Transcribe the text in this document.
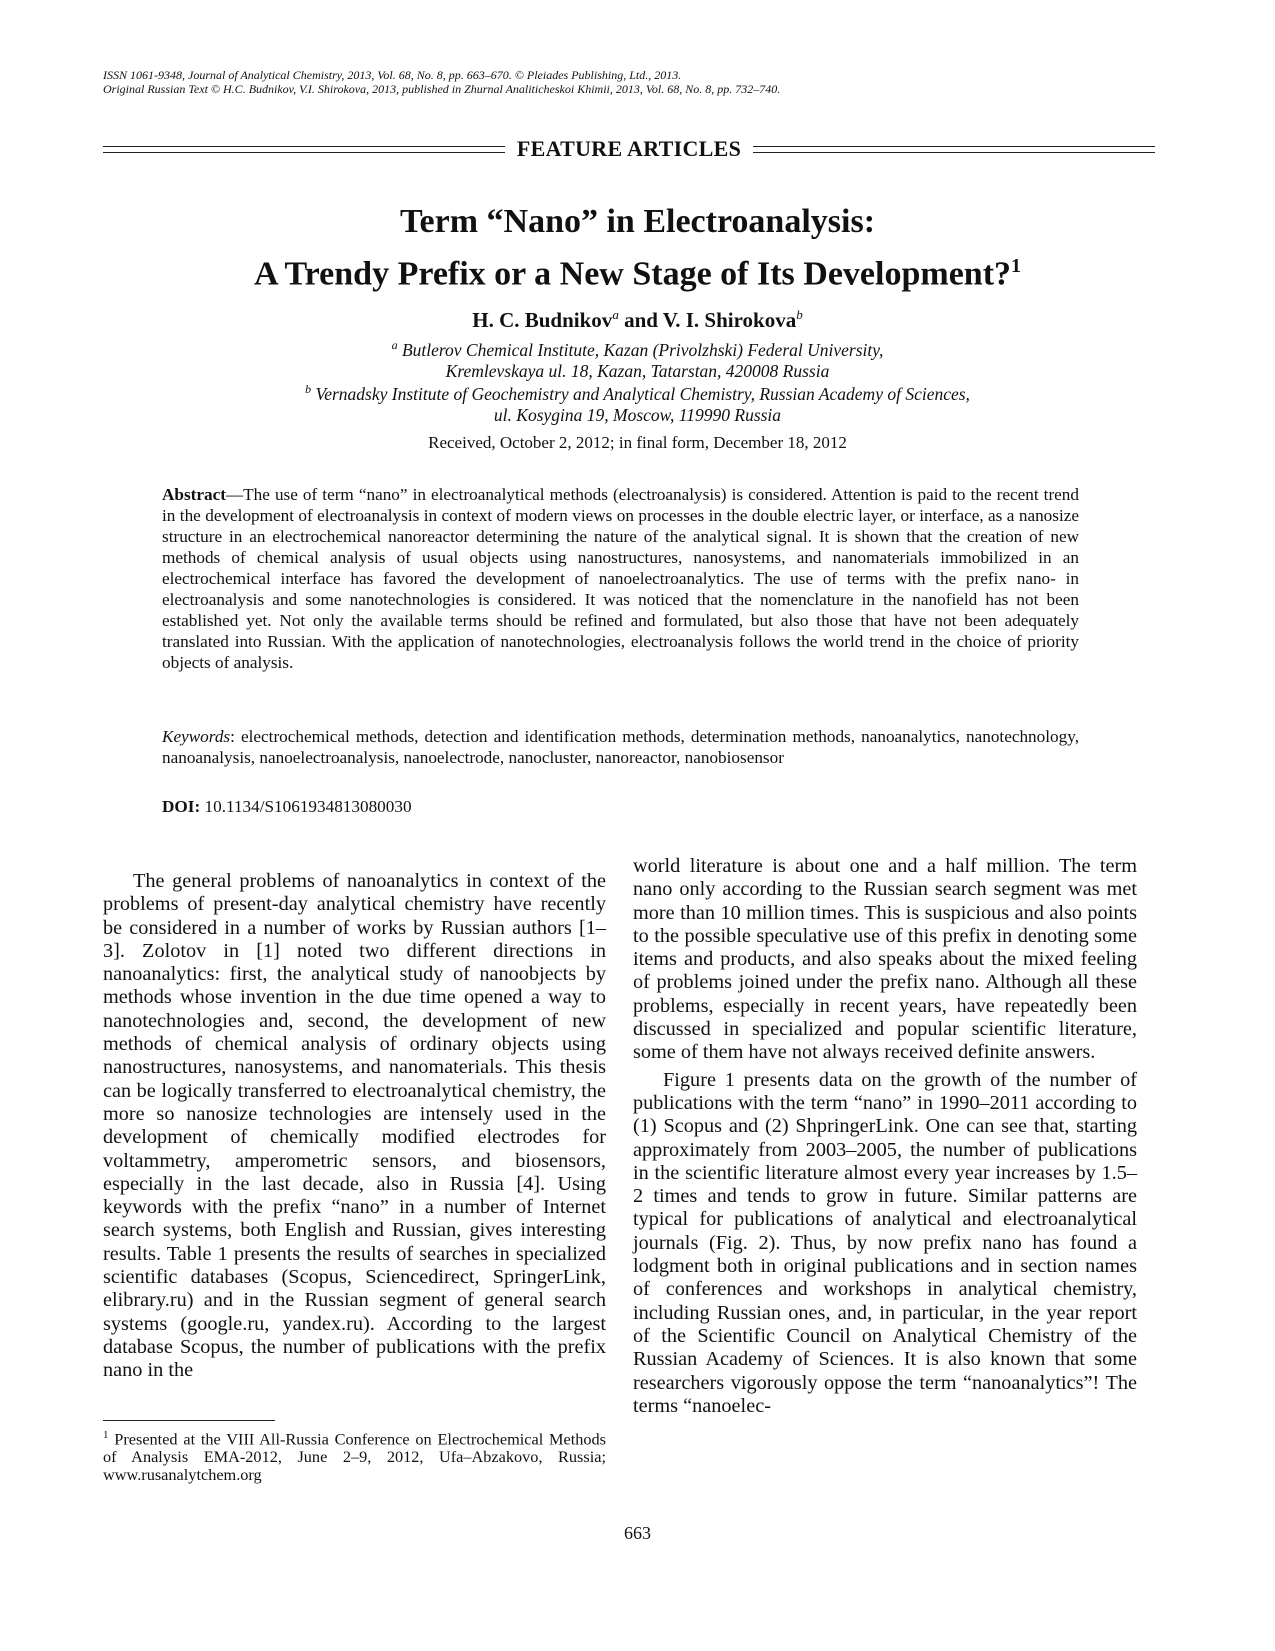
ISSN 1061-9348, Journal of Analytical Chemistry, 2013, Vol. 68, No. 8, pp. 663–670. © Pleiades Publishing, Ltd., 2013.
Original Russian Text © H.C. Budnikov, V.I. Shirokova, 2013, published in Zhurnal Analiticheskoi Khimii, 2013, Vol. 68, No. 8, pp. 732–740.
FEATURE ARTICLES
Term “Nano” in Electroanalysis:
A Trendy Prefix or a New Stage of Its Development?$^1$
H. C. Budnikov$^a$ and V. I. Shirokova$^b$
$^a$ Butlerov Chemical Institute, Kazan (Privolzhski) Federal University,
Kremlevskaya ul. 18, Kazan, Tatarstan, 420008 Russia
$^b$ Vernadsky Institute of Geochemistry and Analytical Chemistry, Russian Academy of Sciences,
ul. Kosygina 19, Moscow, 119990 Russia
Received, October 2, 2012; in final form, December 18, 2012
Abstract—The use of term “nano” in electroanalytical methods (electroanalysis) is considered. Attention is paid to the recent trend in the development of electroanalysis in context of modern views on processes in the double electric layer, or interface, as a nanosize structure in an electrochemical nanoreactor determining the nature of the analytical signal. It is shown that the creation of new methods of chemical analysis of usual objects using nanostructures, nanosystems, and nanomaterials immobilized in an electrochemical interface has favored the development of nanoelectroanalytics. The use of terms with the prefix nano- in electroanalysis and some nanotechnologies is considered. It was noticed that the nomenclature in the nanofield has not been established yet. Not only the available terms should be refined and formulated, but also those that have not been adequately translated into Russian. With the application of nanotechnologies, electroanalysis follows the world trend in the choice of priority objects of analysis.
Keywords: electrochemical methods, detection and identification methods, determination methods, nanoanalytics, nanotechnology, nanoanalysis, nanoelectroanalysis, nanoelectrode, nanocluster, nanoreactor, nanobiosensor
DOI: 10.1134/S1061934813080030

The general problems of nanoanalytics in context of the problems of present-day analytical chemistry have recently be considered in a number of works by Russian authors [1–3]. Zolotov in [1] noted two different directions in nanoanalytics: first, the analytical study of nanoobjects by methods whose invention in the due time opened a way to nanotechnologies and, second, the development of new methods of chemical analysis of ordinary objects using nanostructures, nanosystems, and nanomaterials. This thesis can be logically transferred to electroanalytical chemistry, the more so nanosize technologies are intensely used in the development of chemically modified electrodes for voltammetry, amperometric sensors, and biosensors, especially in the last decade, also in Russia [4]. Using keywords with the prefix “nano” in a number of Internet search systems, both English and Russian, gives interesting results. Table 1 presents the results of searches in specialized scientific databases (Scopus, Sciencedirect, SpringerLink, elibrary.ru) and in the Russian segment of general search systems (google.ru, yandex.ru). According to the largest database Scopus, the number of publications with the prefix nano in the

world literature is about one and a half million. The term nano only according to the Russian search segment was met more than 10 million times. This is suspicious and also points to the possible speculative use of this prefix in denoting some items and products, and also speaks about the mixed feeling of problems joined under the prefix nano. Although all these problems, especially in recent years, have repeatedly been discussed in specialized and popular scientific literature, some of them have not always received definite answers.

Figure 1 presents data on the growth of the number of publications with the term “nano” in 1990–2011 according to (1) Scopus and (2) ShpringerLink. One can see that, starting approximately from 2003–2005, the number of publications in the scientific literature almost every year increases by 1.5–2 times and tends to grow in future. Similar patterns are typical for publications of analytical and electroanalytical journals (Fig. 2). Thus, by now prefix nano has found a lodgment both in original publications and in section names of conferences and workshops in analytical chemistry, including Russian ones, and, in particular, in the year report of the Scientific Council on Analytical Chemistry of the Russian Academy of Sciences. It is also known that some researchers vigorously oppose the term “nanoanalytics”! The terms “nanoelec-

$^1$ Presented at the VIII All-Russia Conference on Electrochemical Methods of Analysis EMA-2012, June 2–9, 2012, Ufa–Abzakovo, Russia; www.rusanalytchem.org
663
